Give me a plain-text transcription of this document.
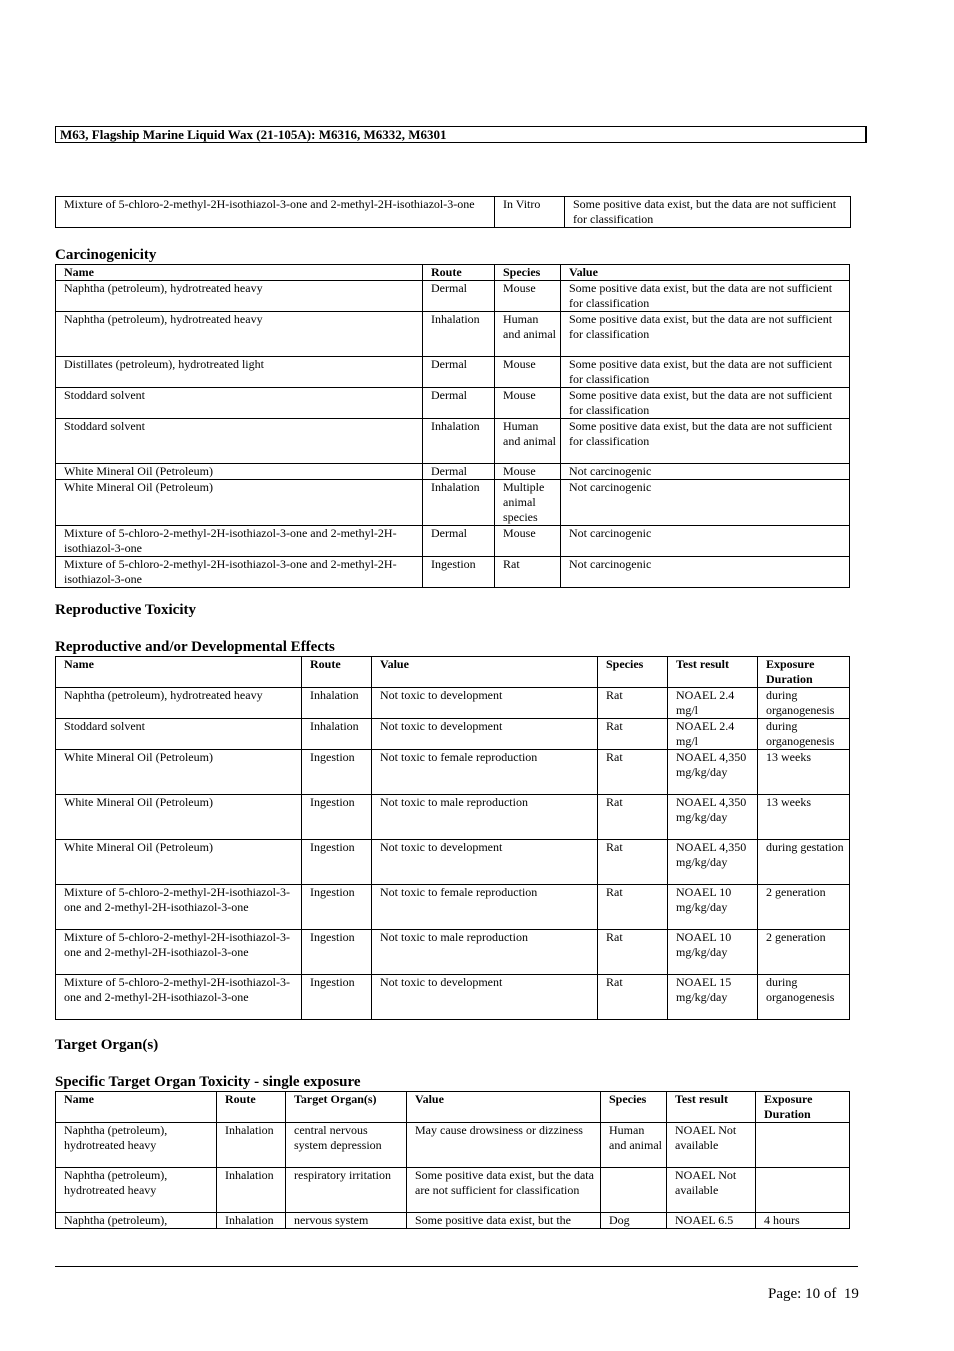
M63, Flagship Marine Liquid Wax (21-105A): M6316, M6332, M6301
Mixture of 5-chloro-2-methyl-2H-isothiazol-3-one and 2-methyl-2H-isothiazol-3-one	In Vitro	Some positive data exist, but the data are not sufficient for classification
Carcinogenicity
Name	Route	Species	Value
Naphtha (petroleum), hydrotreated heavy	Dermal	Mouse	Some positive data exist, but the data are not sufficient for classification
Naphtha (petroleum), hydrotreated heavy	Inhalation	Human and animal	Some positive data exist, but the data are not sufficient for classification
Distillates (petroleum), hydrotreated light	Dermal	Mouse	Some positive data exist, but the data are not sufficient for classification
Stoddard solvent	Dermal	Mouse	Some positive data exist, but the data are not sufficient for classification
Stoddard solvent	Inhalation	Human and animal	Some positive data exist, but the data are not sufficient for classification
White Mineral Oil (Petroleum)	Dermal	Mouse	Not carcinogenic
White Mineral Oil (Petroleum)	Inhalation	Multiple animal species	Not carcinogenic
Mixture of 5-chloro-2-methyl-2H-isothiazol-3-one and 2-methyl-2H-isothiazol-3-one	Dermal	Mouse	Not carcinogenic
Mixture of 5-chloro-2-methyl-2H-isothiazol-3-one and 2-methyl-2H-isothiazol-3-one	Ingestion	Rat	Not carcinogenic
Reproductive Toxicity
Reproductive and/or Developmental Effects
Name	Route	Value	Species	Test result	Exposure Duration
Naphtha (petroleum), hydrotreated heavy	Inhalation	Not toxic to development	Rat	NOAEL 2.4 mg/l	during organogenesis
Stoddard solvent	Inhalation	Not toxic to development	Rat	NOAEL 2.4 mg/l	during organogenesis
White Mineral Oil (Petroleum)	Ingestion	Not toxic to female reproduction	Rat	NOAEL 4,350 mg/kg/day	13 weeks
White Mineral Oil (Petroleum)	Ingestion	Not toxic to male reproduction	Rat	NOAEL 4,350 mg/kg/day	13 weeks
White Mineral Oil (Petroleum)	Ingestion	Not toxic to development	Rat	NOAEL 4,350 mg/kg/day	during gestation
Mixture of 5-chloro-2-methyl-2H-isothiazol-3-one and 2-methyl-2H-isothiazol-3-one	Ingestion	Not toxic to female reproduction	Rat	NOAEL 10 mg/kg/day	2 generation
Mixture of 5-chloro-2-methyl-2H-isothiazol-3-one and 2-methyl-2H-isothiazol-3-one	Ingestion	Not toxic to male reproduction	Rat	NOAEL 10 mg/kg/day	2 generation
Mixture of 5-chloro-2-methyl-2H-isothiazol-3-one and 2-methyl-2H-isothiazol-3-one	Ingestion	Not toxic to development	Rat	NOAEL 15 mg/kg/day	during organogenesis
Target Organ(s)
Specific Target Organ Toxicity - single exposure
Name	Route	Target Organ(s)	Value	Species	Test result	Exposure Duration
Naphtha (petroleum), hydrotreated heavy	Inhalation	central nervous system depression	May cause drowsiness or dizziness	Human and animal	NOAEL Not available	
Naphtha (petroleum), hydrotreated heavy	Inhalation	respiratory irritation	Some positive data exist, but the data are not sufficient for classification		NOAEL Not available	
Naphtha (petroleum),	Inhalation	nervous system	Some positive data exist, but the	Dog	NOAEL 6.5	4 hours
Page: 10 of  19
